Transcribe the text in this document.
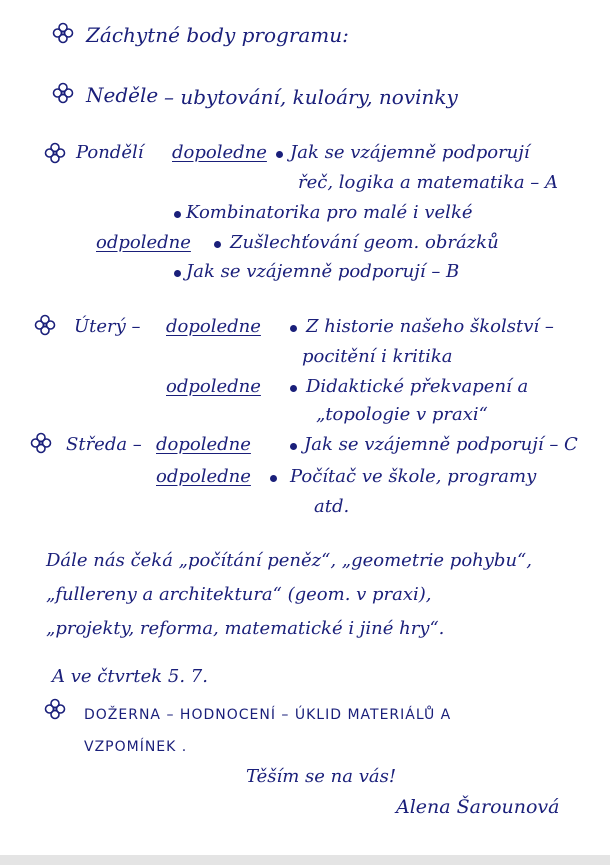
Záchytné body programu:
Neděle – ubytování, kuloáry, novinky
Pondělí dopoledne Jak se vzájemně podporují
řeč, logika a matematika – A
Kombinatorika pro malé i velké
odpoledne Zušlechťování geom. obrázků
Jak se vzájemně podporují – B
Úterý – dopoledne	Z historie našeho školství –
pocitění i kritika
odpoledne	Didaktické překvapení a
„topologie v praxi“
Středa – dopoledne	Jak se vzájemně podporují – C
odpoledne Počítač ve škole, programy
atd.
Dále nás čeká „počítání peněz“, „geometrie pohybu“,
„fullereny a architektura“ (geom. v praxi),
„projekty, reforma, matematické i jiné hry“.
A ve čtvrtek 5. 7.
DOŽERNA – HODNOCENÍ – ÚKLID MATERIÁLŮ A
VZPOMÍNEK .
Těším se na vás!
Alena Šarounová
